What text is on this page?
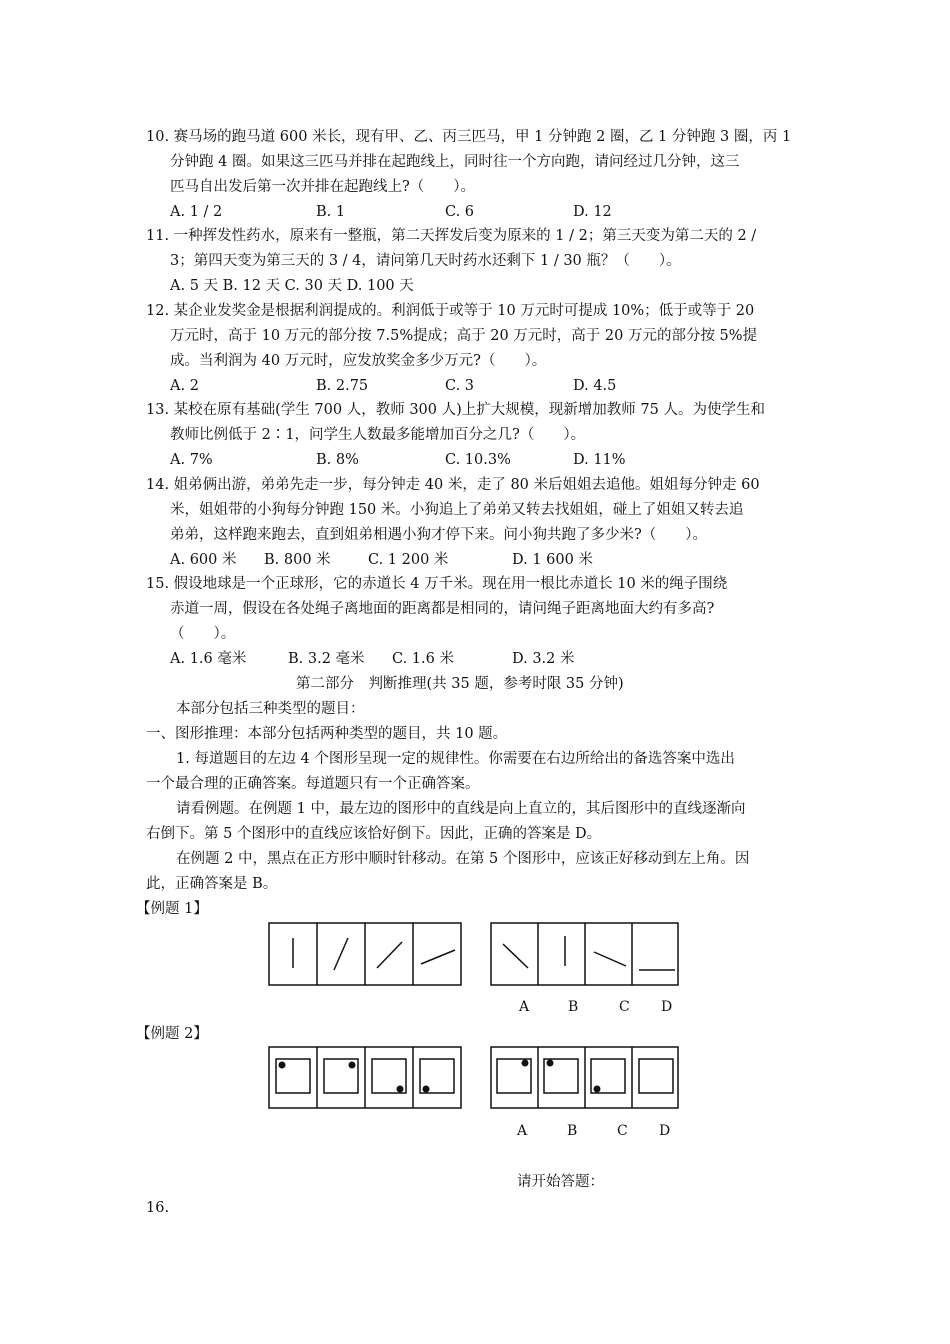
10. 赛马场的跑马道 600 米长，现有甲、乙、丙三匹马，甲 1 分钟跑 2 圈，乙 1 分钟跑 3 圈，丙 1
分钟跑 4 圈。如果这三匹马并排在起跑线上，同时往一个方向跑，请问经过几分钟，这三
匹马自出发后第一次并排在起跑线上?（　　）。
A. 1 / 2	B. 1	C. 6	D. 12
11. 一种挥发性药水，原来有一整瓶，第二天挥发后变为原来的 1 / 2；第三天变为第二天的 2 /
3；第四天变为第三天的 3 / 4，请问第几天时药水还剩下 1 / 30 瓶？（　　）。
A. 5 天 B. 12 天 C. 30 天 D. 100 天
12. 某企业发奖金是根据利润提成的。利润低于或等于 10 万元时可提成 10%；低于或等于 20
万元时，高于 10 万元的部分按 7.5%提成；高于 20 万元时，高于 20 万元的部分按 5%提
成。当利润为 40 万元时，应发放奖金多少万元?（　　）。
A. 2	B. 2.75	C. 3	D. 4.5
13. 某校在原有基础(学生 700 人，教师 300 人)上扩大规模，现新增加教师 75 人。为使学生和
教师比例低于 2∶1，问学生人数最多能增加百分之几?（　　）。
A. 7%	B. 8%	C. 10.3%	D. 11%
14. 姐弟俩出游，弟弟先走一步，每分钟走 40 米，走了 80 米后姐姐去追他。姐姐每分钟走 60
米，姐姐带的小狗每分钟跑 150 米。小狗追上了弟弟又转去找姐姐，碰上了姐姐又转去追
弟弟，这样跑来跑去，直到姐弟相遇小狗才停下来。问小狗共跑了多少米?（　　）。
A. 600 米 B. 800 米	C. 1 200 米	D. 1 600 米
15. 假设地球是一个正球形，它的赤道长 4 万千米。现在用一根比赤道长 10 米的绳子围绕
赤道一周，假设在各处绳子离地面的距离都是相同的，请问绳子距离地面大约有多高?
（　　）。
A. 1.6 毫米	B. 3.2 毫米 C. 1.6 米	D. 3.2 米
第二部分　判断推理(共 35 题，参考时限 35 分钟)
本部分包括三种类型的题目：
一、图形推理：本部分包括两种类型的题目，共 10 题。
1. 每道题目的左边 4 个图形呈现一定的规律性。你需要在右边所给出的备选答案中选出
一个最合理的正确答案。每道题只有一个正确答案。
请看例题。在例题 1 中，最左边的图形中的直线是向上直立的，其后图形中的直线逐渐向
右倒下。第 5 个图形中的直线应该恰好倒下。因此，正确的答案是 D。
在例题 2 中，黑点在正方形中顺时针移动。在第 5 个图形中，应该正好移动到左上角。因
此，正确答案是 B。
【例题 1】
A	B	C D
【例题 2】
A	B	C D
请开始答题：
16.
